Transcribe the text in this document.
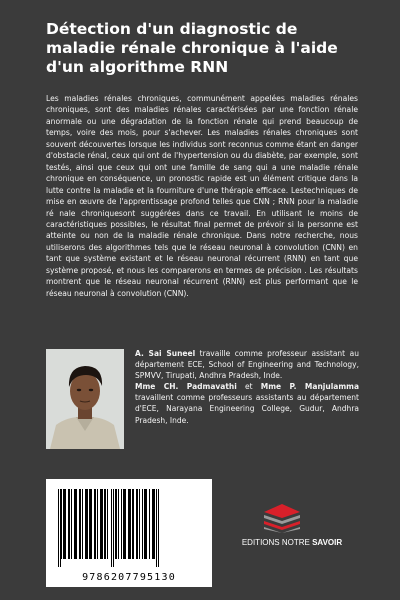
Détection d'un diagnostic de maladie rénale chronique à l'aide d'un algorithme RNN

Les maladies rénales chroniques, communément appelées maladies rénales chroniques, sont des maladies rénales caractérisées par une fonction rénale anormale ou une dégradation de la fonction rénale qui prend beaucoup de temps, voire des mois, pour s'achever. Les maladies rénales chroniques sont souvent découvertes lorsque les individus sont reconnus comme étant en danger d'obstacle rénal, ceux qui ont de l'hypertension ou du diabète, par exemple, sont testés, ainsi que ceux qui ont une famille de sang qui a une maladie rénale chronique en conséquence, un pronostic rapide est un élément critique dans la lutte contre la maladie et la fourniture d'une thérapie efficace. Lestechniques de mise en œuvre de l'apprentissage profond telles que CNN ; RNN pour la maladie ré nale chroniquesont suggérées dans ce travail. En utilisant le moins de caractéristiques possibles, le résultat final permet de prévoir si la personne est atteinte ou non de la maladie rénale chronique. Dans notre recherche, nous utiliserons des algorithmes tels que le réseau neuronal à convolution (CNN) en tant que système existant et le réseau neuronal récurrent (RNN) en tant que système proposé, et nous les comparerons en termes de précision . Les résultats montrent que le réseau neuronal récurrent (RNN) est plus performant que le réseau neuronal à convolution (CNN).

A. Sai Suneel travaille comme professeur assistant au département ECE, School of Engineering and Technology, SPMVV, Tirupati, Andhra Pradesh, Inde.
Mme CH. Padmavathi et Mme P. Manjulamma travaillent comme professeurs assistants au département d'ECE, Narayana Engineering College, Gudur, Andhra Pradesh, Inde.

9786207795130
EDITIONS NOTRE SAVOIR
